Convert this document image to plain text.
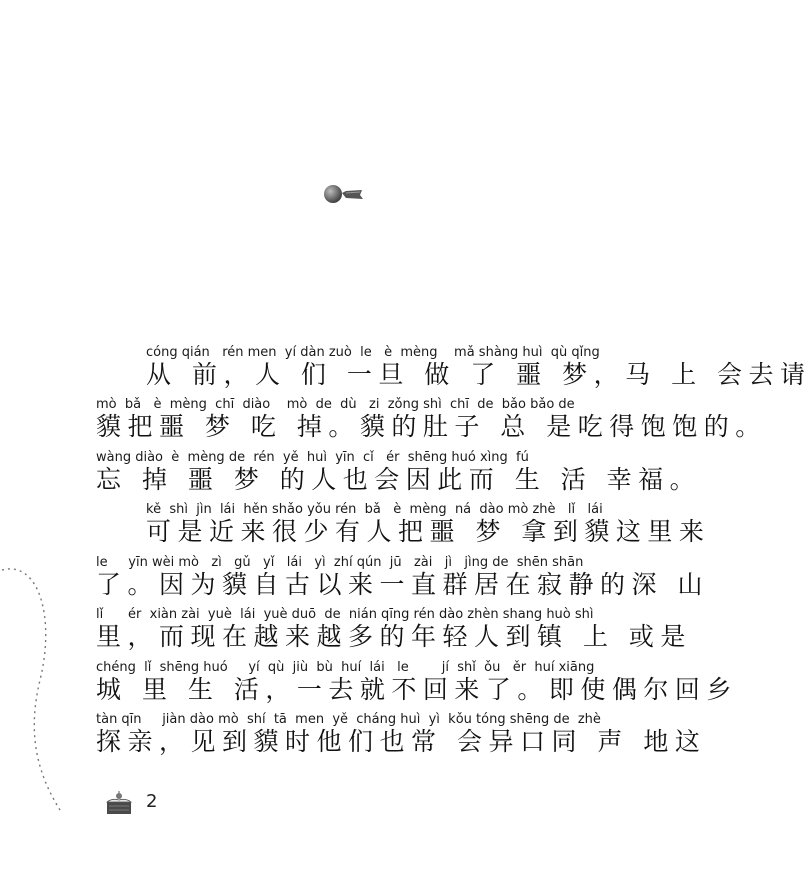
cóng qián   rén men  yí dàn zuò  le   è  mèng    mǎ shàng huì  qù qǐng
从 前，人 们 一旦 做 了 噩 梦，马 上 会去请
mò  bǎ   è  mèng  chī  diào    mò  de  dù   zi  zǒng shì  chī  de  bǎo bǎo de
貘把噩 梦 吃 掉。貘的肚子 总 是吃得饱饱的。
wàng diào  è  mèng de  rén  yě  huì  yīn  cǐ   ér  shēng huó xìng  fú
忘 掉 噩 梦 的人也会因此而 生 活 幸福。
kě  shì  jìn  lái  hěn shǎo yǒu rén  bǎ   è  mèng  ná  dào mò zhè   lǐ   lái
可是近来很少有人把噩 梦 拿到貘这里来
le     yīn wèi mò   zì   gǔ   yǐ   lái   yì  zhí qún  jū   zài   jì   jìng de  shēn shān
了。因为貘自古以来一直群居在寂静的深 山
lǐ      ér  xiàn zài  yuè  lái  yuè duō  de  nián qīng rén dào zhèn shang huò shì
里，而现在越来越多的年轻人到镇 上 或是
chéng  lǐ  shēng huó     yí  qù  jiù  bù  huí  lái   le        jí  shǐ  ǒu   ěr  huí xiāng
城 里 生 活，一去就不回来了。即使偶尔回乡
tàn qīn     jiàn dào mò  shí  tā  men  yě  cháng huì  yì  kǒu tóng shēng de  zhè
探亲，见到貘时他们也常 会异口同 声 地这
2
